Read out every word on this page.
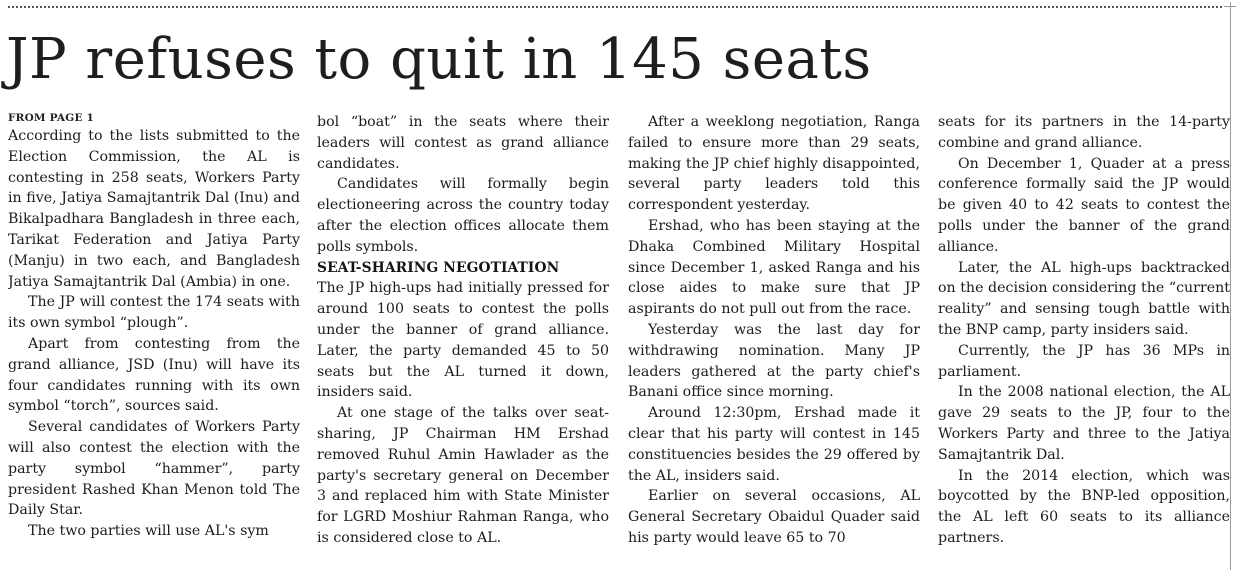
JP refuses to quit in 145 seats
FROM PAGE 1

According to the lists submitted to the Election Commission, the AL is contesting in 258 seats, Workers Party in five, Jatiya Samajtantrik Dal (Inu) and Bikalpadhara Bangladesh in three each, Tarikat Federation and Jatiya Party (Manju) in two each, and Bangladesh Jatiya Samajtantrik Dal (Ambia) in one.

The JP will contest the 174 seats with its own symbol “plough”.

Apart from contesting from the grand alliance, JSD (Inu) will have its four candidates running with its own symbol “torch”, sources said.

Several candidates of Workers Party will also contest the election with the party symbol “hammer”, party president Rashed Khan Menon told The Daily Star.

The two parties will use AL's sym

bol “boat” in the seats where their leaders will contest as grand alliance candidates.

Candidates will formally begin electioneering across the country today after the election offices allocate them polls symbols.

SEAT-SHARING NEGOTIATION

The JP high-ups had initially pressed for around 100 seats to contest the polls under the banner of grand alliance. Later, the party demanded 45 to 50 seats but the AL turned it down, insiders said.

At one stage of the talks over seat-sharing, JP Chairman HM Ershad removed Ruhul Amin Hawlader as the party's secretary general on December 3 and replaced him with State Minister for LGRD Moshiur Rahman Ranga, who is considered close to AL.

After a weeklong negotiation, Ranga failed to ensure more than 29 seats, making the JP chief highly disappointed, several party leaders told this correspondent yesterday.

Ershad, who has been staying at the Dhaka Combined Military Hospital since December 1, asked Ranga and his close aides to make sure that JP aspirants do not pull out from the race.

Yesterday was the last day for withdrawing nomination. Many JP leaders gathered at the party chief's Banani office since morning.

Around 12:30pm, Ershad made it clear that his party will contest in 145 constituencies besides the 29 offered by the AL, insiders said.

Earlier on several occasions, AL General Secretary Obaidul Quader said his party would leave 65 to 70

seats for its partners in the 14-party combine and grand alliance.

On December 1, Quader at a press conference formally said the JP would be given 40 to 42 seats to contest the polls under the banner of the grand alliance.

Later, the AL high-ups backtracked on the decision considering the “current reality” and sensing tough battle with the BNP camp, party insiders said.

Currently, the JP has 36 MPs in parliament.

In the 2008 national election, the AL gave 29 seats to the JP, four to the Workers Party and three to the Jatiya Samajtantrik Dal.

In the 2014 election, which was boycotted by the BNP-led opposition, the AL left 60 seats to its alliance partners.
